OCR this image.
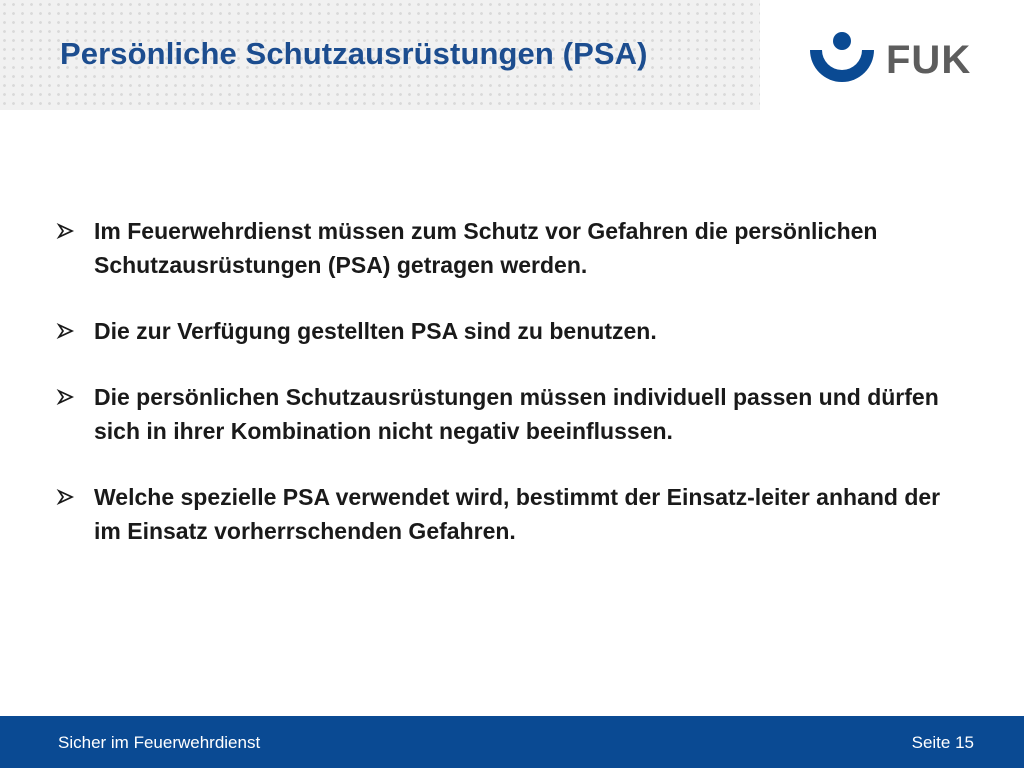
Persönliche Schutzausrüstungen (PSA)	FUK

Im Feuerwehrdienst müssen zum Schutz vor Gefahren die persönlichen Schutzausrüstungen (PSA) getragen werden.

Die zur Verfügung gestellten PSA sind zu benutzen.

Die persönlichen Schutzausrüstungen müssen individuell passen und dürfen sich in ihrer Kombination nicht negativ beeinflussen.

Welche spezielle PSA verwendet wird, bestimmt der Einsatz-leiter anhand der im Einsatz vorherrschenden Gefahren.

Sicher im Feuerwehrdienst	Seite 15
